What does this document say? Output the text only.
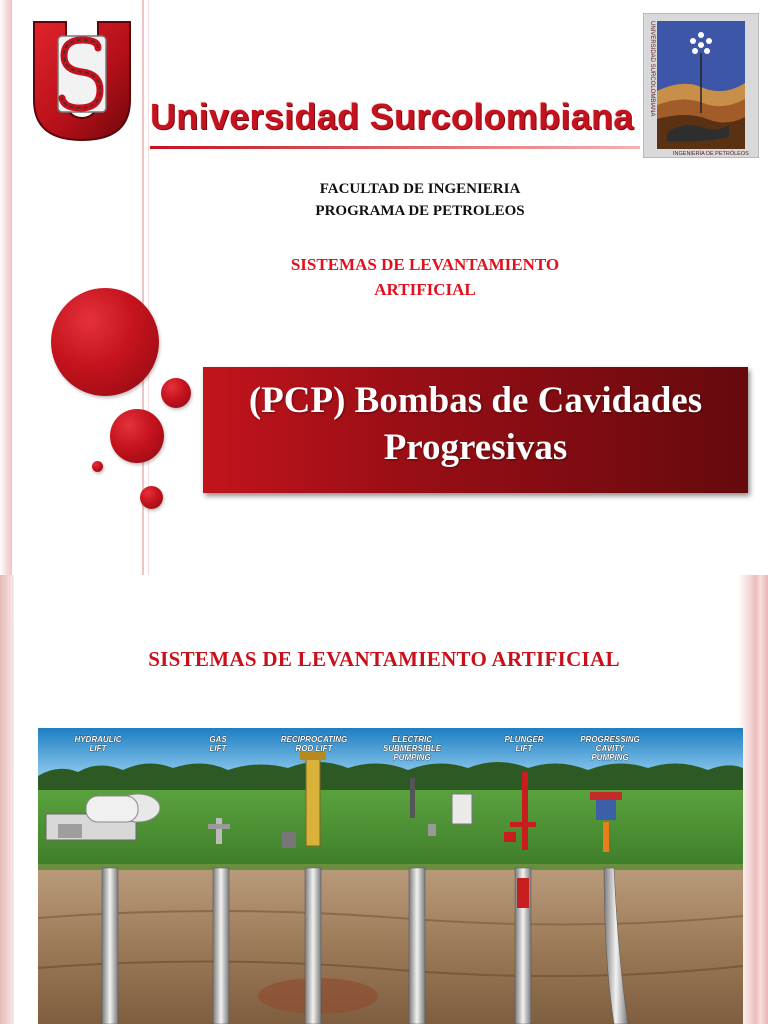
Universidad Surcolombiana
UNIVERSIDAD SURCOLOMBIANA
INGENIERÍA DE PETRÓLEOS
FACULTAD DE INGENIERIA
PROGRAMA DE PETROLEOS
SISTEMAS DE LEVANTAMIENTO
ARTIFICIAL
(PCP) Bombas de Cavidades
Progresivas
SISTEMAS DE LEVANTAMIENTO ARTIFICIAL
HYDRAULIC
LIFT
GAS
LIFT
RECIPROCATING
ROD LIFT
ELECTRIC
SUBMERSIBLE
PUMPING
PLUNGER
LIFT
PROGRESSING
CAVITY
PUMPING
